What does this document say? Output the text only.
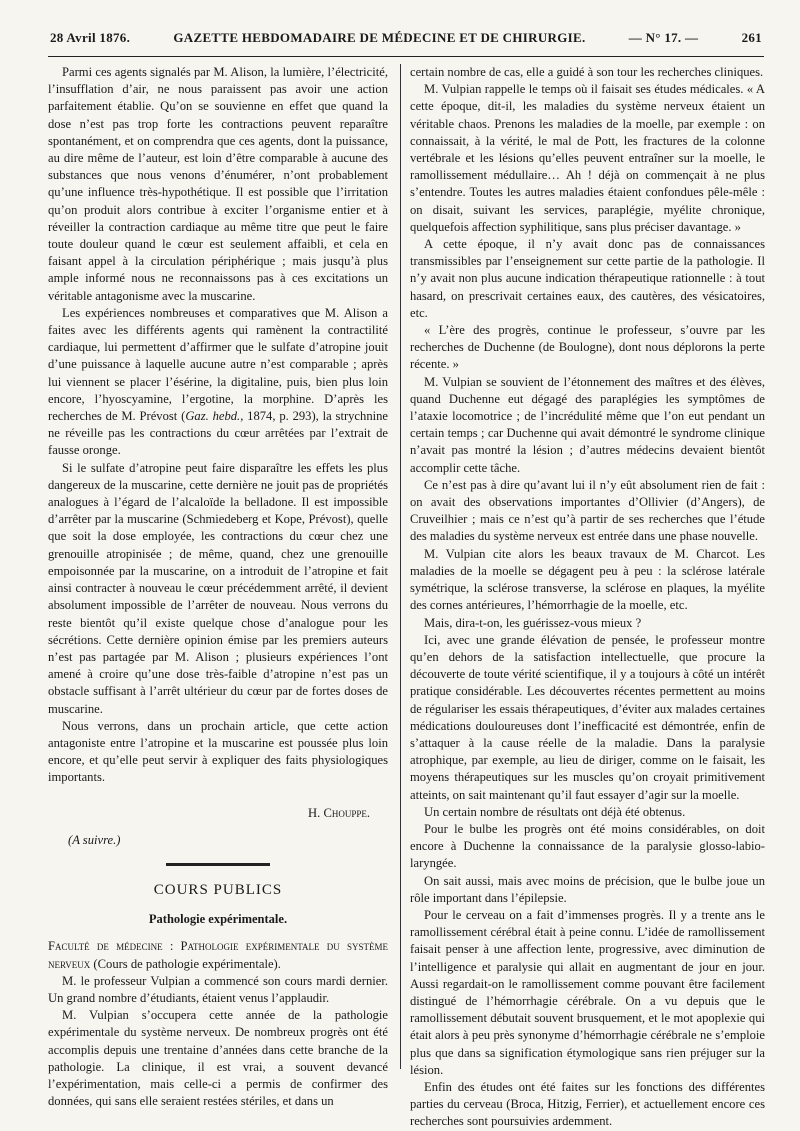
28 Avril 1876.	GAZETTE HEBDOMADAIRE DE MÉDECINE ET DE CHIRURGIE.	— N° 17. —	261

Parmi ces agents signalés par M. Alison, la lumière, l’électricité, l’insufflation d’air, ne nous paraissent pas avoir une action parfaitement établie. Qu’on se souvienne en effet que quand la dose n’est pas trop forte les contractions peuvent reparaître spontanément, et on comprendra que ces agents, dont la puissance, au dire même de l’auteur, est loin d’être comparable à aucune des substances que nous venons d’énumérer, n’ont probablement qu’une influence très-hypothétique. Il est possible que l’irritation qu’on produit alors contribue à exciter l’organisme entier et à réveiller la contraction cardiaque au même titre que peut le faire toute douleur quand le cœur est seulement affaibli, et cela en faisant appel à la circulation périphérique ; mais jusqu’à plus ample informé nous ne reconnaissons pas à ces excitations un véritable antagonisme avec la muscarine.

Les expériences nombreuses et comparatives que M. Alison a faites avec les différents agents qui ramènent la contractilité cardiaque, lui permettent d’affirmer que le sulfate d’atropine jouit d’une puissance à laquelle aucune autre n’est comparable ; après lui viennent se placer l’ésérine, la digitaline, puis, bien plus loin encore, l’hyoscyamine, l’ergotine, la morphine. D’après les recherches de M. Prévost (Gaz. hebd., 1874, p. 293), la strychnine ne réveille pas les contractions du cœur arrêtées par l’extrait de fausse oronge.

Si le sulfate d’atropine peut faire disparaître les effets les plus dangereux de la muscarine, cette dernière ne jouit pas de propriétés analogues à l’égard de l’alcaloïde la belladone. Il est impossible d’arrêter par la muscarine (Schmiedeberg et Kope, Prévost), quelle que soit la dose employée, les contractions du cœur chez une grenouille atropinisée ; de même, quand, chez une grenouille empoisonnée par la muscarine, on a introduit de l’atropine et fait ainsi contracter à nouveau le cœur précédemment arrêté, il devient absolument impossible de l’arrêter de nouveau. Nous verrons du reste bientôt qu’il existe quelque chose d’analogue pour les sécrétions. Cette dernière opinion émise par les premiers auteurs n’est pas partagée par M. Alison ; plusieurs expériences l’ont amené à croire qu’une dose très-faible d’atropine n’est pas un obstacle suffisant à l’arrêt ultérieur du cœur par de fortes doses de muscarine.

Nous verrons, dans un prochain article, que cette action antagoniste entre l’atropine et la muscarine est poussée plus loin encore, et qu’elle peut servir à expliquer des faits physiologiques importants.

H. Chouppe.

(A suivre.)

COURS PUBLICS

Pathologie expérimentale.

Faculté de médecine : Pathologie expérimentale du système nerveux (Cours de pathologie expérimentale).

M. le professeur Vulpian a commencé son cours mardi dernier. Un grand nombre d’étudiants, étaient venus l’applaudir.

M. Vulpian s’occupera cette année de la pathologie expérimentale du système nerveux. De nombreux progrès ont été accomplis depuis une trentaine d’années dans cette branche de la pathologie. La clinique, il est vrai, a souvent devancé l’expérimentation, mais celle-ci a permis de confirmer des données, qui sans elle seraient restées stériles, et dans un

certain nombre de cas, elle a guidé à son tour les recherches cliniques.

M. Vulpian rappelle le temps où il faisait ses études médicales. « A cette époque, dit-il, les maladies du système nerveux étaient un véritable chaos. Prenons les maladies de la moelle, par exemple : on connaissait, à la vérité, le mal de Pott, les fractures de la colonne vertébrale et les lésions qu’elles peuvent entraîner sur la moelle, le ramollissement médullaire… Ah ! déjà on commençait à ne plus s’entendre. Toutes les autres maladies étaient confondues pêle-mêle : on disait, suivant les services, paraplégie, myélite chronique, quelquefois affection syphilitique, sans plus préciser davantage. »

A cette époque, il n’y avait donc pas de connaissances transmissibles par l’enseignement sur cette partie de la pathologie. Il n’y avait non plus aucune indication thérapeutique rationnelle : à tout hasard, on prescrivait certaines eaux, des cautères, des vésicatoires, etc.

« L’ère des progrès, continue le professeur, s’ouvre par les recherches de Duchenne (de Boulogne), dont nous déplorons la perte récente. »

M. Vulpian se souvient de l’étonnement des maîtres et des élèves, quand Duchenne eut dégagé des paraplégies les symptômes de l’ataxie locomotrice ; de l’incrédulité même que l’on eut pendant un certain temps ; car Duchenne qui avait démontré le syndrome clinique n’avait pas montré la lésion ; d’autres médecins devaient bientôt accomplir cette tâche.

Ce n’est pas à dire qu’avant lui il n’y eût absolument rien de fait : on avait des observations importantes d’Ollivier (d’Angers), de Cruveilhier ; mais ce n’est qu’à partir de ses recherches que l’étude des maladies du système nerveux est entrée dans une phase nouvelle.

M. Vulpian cite alors les beaux travaux de M. Charcot. Les maladies de la moelle se dégagent peu à peu : la sclérose latérale symétrique, la sclérose transverse, la sclérose en plaques, la myélite des cornes antérieures, l’hémorrhagie de la moelle, etc.

Mais, dira-t-on, les guérissez-vous mieux ?

Ici, avec une grande élévation de pensée, le professeur montre qu’en dehors de la satisfaction intellectuelle, que procure la découverte de toute vérité scientifique, il y a toujours à côté un intérêt pratique considérable. Les découvertes récentes permettent au moins de régulariser les essais thérapeutiques, d’éviter aux malades certaines médications douloureuses dont l’inefficacité est démontrée, enfin de s’attaquer à la cause réelle de la maladie. Dans la paralysie atrophique, par exemple, au lieu de diriger, comme on le faisait, les moyens thérapeutiques sur les muscles qu’on croyait primitivement atteints, on sait maintenant qu’il faut essayer d’agir sur la moelle.

Un certain nombre de résultats ont déjà été obtenus.

Pour le bulbe les progrès ont été moins considérables, on doit encore à Duchenne la connaissance de la paralysie glosso-labio-laryngée.

On sait aussi, mais avec moins de précision, que le bulbe joue un rôle important dans l’épilepsie.

Pour le cerveau on a fait d’immenses progrès. Il y a trente ans le ramollissement cérébral était à peine connu. L’idée de ramollissement faisait penser à une affection lente, progressive, avec diminution de l’intelligence et paralysie qui allait en augmentant de jour en jour. Aussi regardait-on le ramollissement comme pouvant être facilement distingué de l’hémorrhagie cérébrale. On a vu depuis que le ramollissement débutait souvent brusquement, et le mot apoplexie qui était alors à peu près synonyme d’hémorrhagie cérébrale ne s’emploie plus que dans sa signification étymologique sans rien préjuger sur la lésion.

Enfin des études ont été faites sur les fonctions des différentes parties du cerveau (Broca, Hitzig, Ferrier), et actuellement encore ces recherches sont poursuivies ardemment.
